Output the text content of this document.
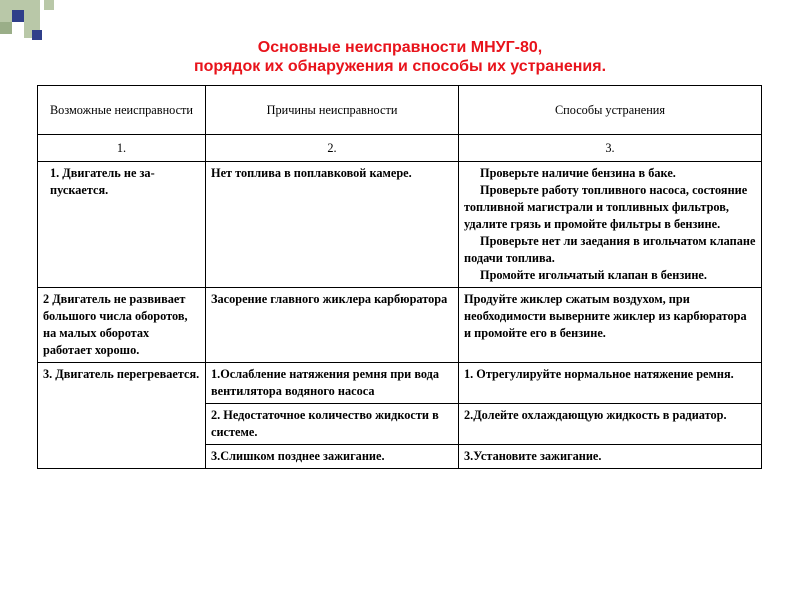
Основные неисправности МНУГ-80,
порядок их обнаружения и способы их устранения.
Возможные неисправности	Причины неисправности	Способы устранения
1.	2.	3.
1. Двигатель не за-пускается.	Нет топлива в поплавковой камере.	Проверьте наличие бензина в баке.
Проверьте работу топливного насоса, состояние топливной магистрали и топливных фильтров, удалите грязь и промойте фильтры в бензине.
Проверьте нет ли заедания в игольчатом клапане подачи топлива.
Промойте игольчатый клапан в бензине.

2 Двигатель не развивает большого числа оборотов, на малых оборотах работает хорошо.	Засорение главного жиклера карбюратора	Продуйте жиклер сжатым воздухом, при необходимости выверните жиклер из карбюратора и промойте его в бензине.
3. Двигатель перегревается.	1.Ослабление натяжения ремня при вода вентилятора водяного насоса	1. Отрегулируйте нормальное натяжение ремня.
	2. Недостаточное количество жидкости в системе.	2.Долейте охлаждающую жидкость в радиатор.
	3.Слишком позднее зажигание.	3.Установите зажигание.
